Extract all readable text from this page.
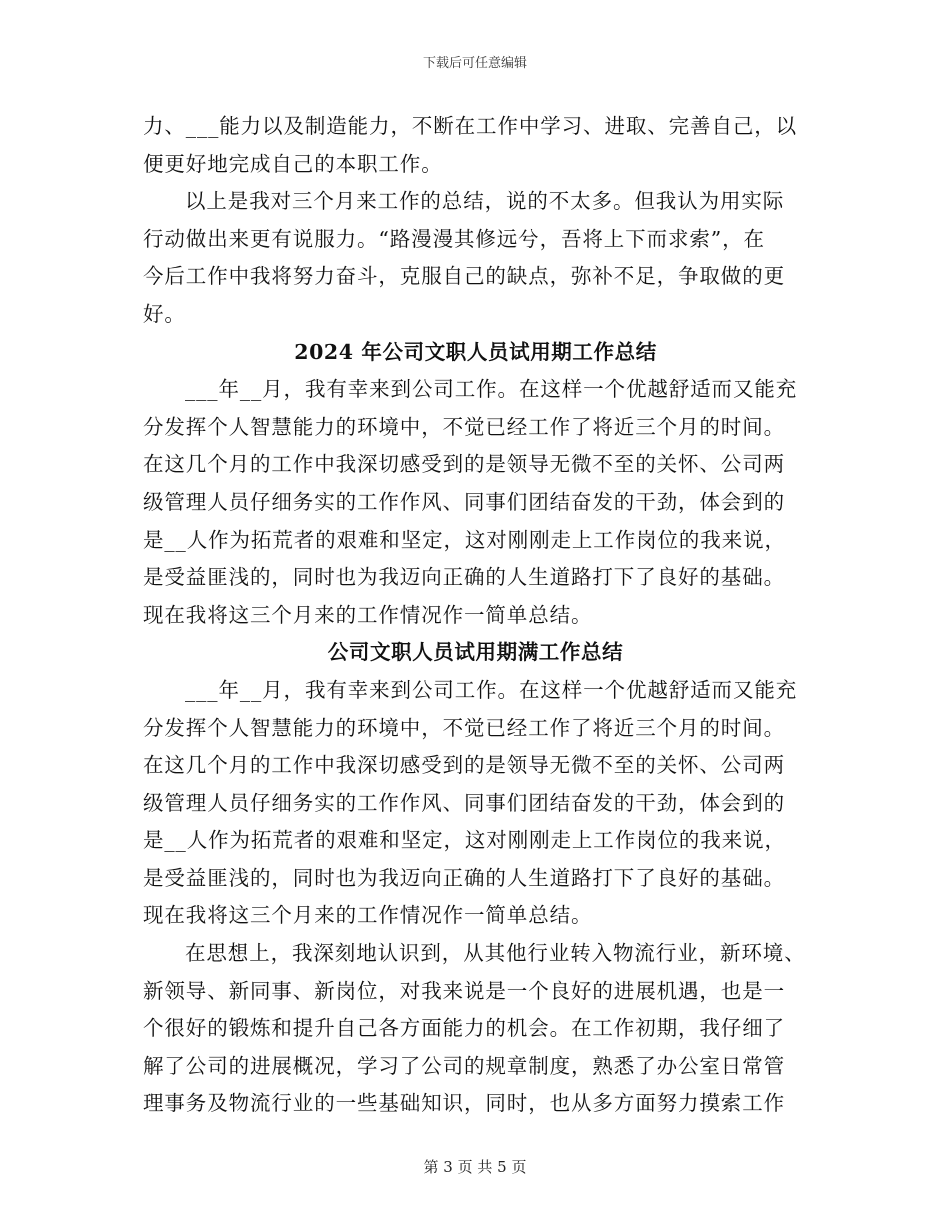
下载后可任意编辑
力、___能力以及制造能力，不断在工作中学习、进取、完善自己，以
便更好地完成自己的本职工作。
以上是我对三个月来工作的总结，说的不太多。但我认为用实际
行动做出来更有说服力。“路漫漫其修远兮，吾将上下而求索”，在
今后工作中我将努力奋斗，克服自己的缺点，弥补不足，争取做的更
好。
2024 年公司文职人员试用期工作总结
___年__月，我有幸来到公司工作。在这样一个优越舒适而又能充
分发挥个人智慧能力的环境中，不觉已经工作了将近三个月的时间。
在这几个月的工作中我深切感受到的是领导无微不至的关怀、公司两
级管理人员仔细务实的工作作风、同事们团结奋发的干劲，体会到的
是__人作为拓荒者的艰难和坚定，这对刚刚走上工作岗位的我来说，
是受益匪浅的，同时也为我迈向正确的人生道路打下了良好的基础。
现在我将这三个月来的工作情况作一简单总结。
公司文职人员试用期满工作总结
___年__月，我有幸来到公司工作。在这样一个优越舒适而又能充
分发挥个人智慧能力的环境中，不觉已经工作了将近三个月的时间。
在这几个月的工作中我深切感受到的是领导无微不至的关怀、公司两
级管理人员仔细务实的工作作风、同事们团结奋发的干劲，体会到的
是__人作为拓荒者的艰难和坚定，这对刚刚走上工作岗位的我来说，
是受益匪浅的，同时也为我迈向正确的人生道路打下了良好的基础。
现在我将这三个月来的工作情况作一简单总结。
在思想上，我深刻地认识到，从其他行业转入物流行业，新环境、
新领导、新同事、新岗位，对我来说是一个良好的进展机遇，也是一
个很好的锻炼和提升自己各方面能力的机会。在工作初期，我仔细了
解了公司的进展概况，学习了公司的规章制度，熟悉了办公室日常管
理事务及物流行业的一些基础知识，同时，也从多方面努力摸索工作
第 3 页 共 5 页
